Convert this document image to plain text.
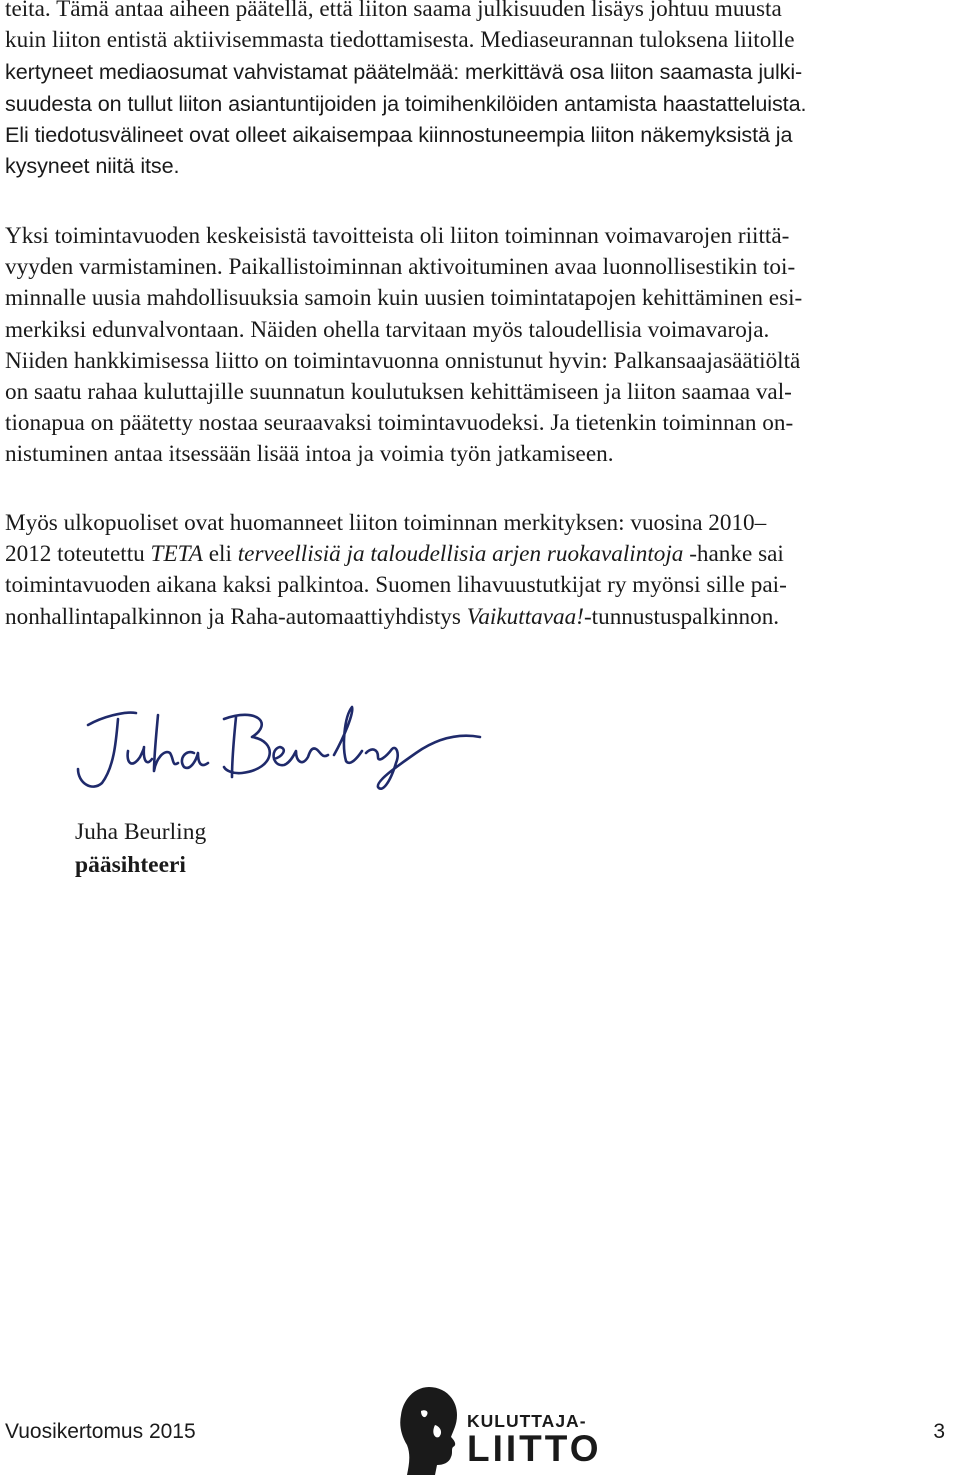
teita. Tämä antaa aiheen päätellä, että liiton saama julkisuuden lisäys johtuu muusta
kuin liiton entistä aktiivisemmasta tiedottamisesta. Mediaseurannan tuloksena liitolle
kertyneet mediaosumat vahvistamat päätelmää: merkittävä osa liiton saamasta julki-
suudesta on tullut liiton asiantuntijoiden ja toimihenkilöiden antamista haastatteluista.
Eli tiedotusvälineet ovat olleet aikaisempaa kiinnostuneempia liiton näkemyksistä ja
kysyneet niitä itse.
Yksi toimintavuoden keskeisistä tavoitteista oli liiton toiminnan voimavarojen riittä-
vyyden varmistaminen. Paikallistoiminnan aktivoituminen avaa luonnollisestikin toi-
minnalle uusia mahdollisuuksia samoin kuin uusien toimintatapojen kehittäminen esi-
merkiksi edunvalvontaan. Näiden ohella tarvitaan myös taloudellisia voimavaroja.
Niiden hankkimisessa liitto on toimintavuonna onnistunut hyvin: Palkansaajasäätiöltä
on saatu rahaa kuluttajille suunnatun koulutuksen kehittämiseen ja liiton saamaa val-
tionapua on päätetty nostaa seuraavaksi toimintavuodeksi. Ja tietenkin toiminnan on-
nistuminen antaa itsessään lisää intoa ja voimia työn jatkamiseen.
Myös ulkopuoliset ovat huomanneet liiton toiminnan merkityksen: vuosina 2010–
2012 toteutettu TETA eli terveellisiä ja taloudellisia arjen ruokavalintoja -hanke sai
toimintavuoden aikana kaksi palkintoa. Suomen lihavuustutkijat ry myönsi sille pai-
nonhallintapalkinnon ja Raha-automaattiyhdistys Vaikuttavaa!-tunnustuspalkinnon.
Juha Beurling
pääsihteeri
Vuosikertomus 2015	KULUTTAJA-
LIITTO	3
